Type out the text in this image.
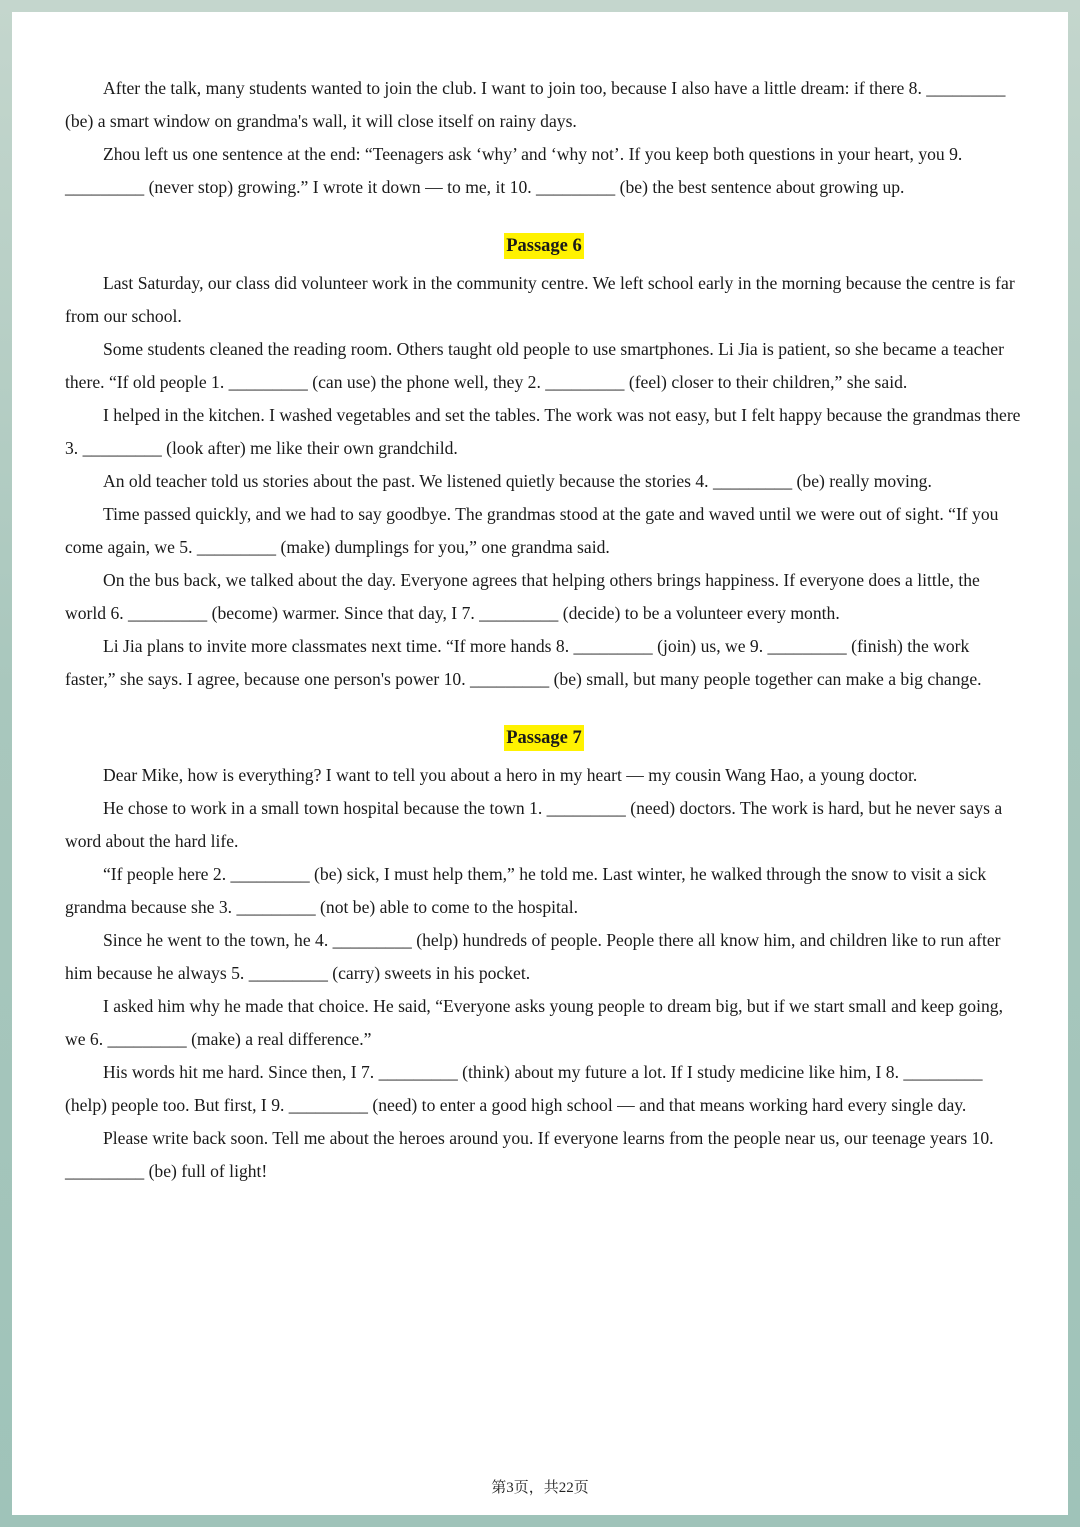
After the talk, many students wanted to join the club. I want to join too, because I also have a little dream: if there 8. _________ (be) a smart window on grandma's wall, it will close itself on rainy days.

Zhou left us one sentence at the end: “Teenagers ask ‘why’ and ‘why not’. If you keep both questions in your heart, you 9. _________ (never stop) growing.” I wrote it down — to me, it 10. _________ (be) the best sentence about growing up.

Passage 6

Last Saturday, our class did volunteer work in the community centre. We left school early in the morning because the centre is far from our school.

Some students cleaned the reading room. Others taught old people to use smartphones. Li Jia is patient, so she became a teacher there. “If old people 1. _________ (can use) the phone well, they 2. _________ (feel) closer to their children,” she said.

I helped in the kitchen. I washed vegetables and set the tables. The work was not easy, but I felt happy because the grandmas there 3. _________ (look after) me like their own grandchild.

An old teacher told us stories about the past. We listened quietly because the stories 4. _________ (be) really moving.

Time passed quickly, and we had to say goodbye. The grandmas stood at the gate and waved until we were out of sight. “If you come again, we 5. _________ (make) dumplings for you,” one grandma said.

On the bus back, we talked about the day. Everyone agrees that helping others brings happiness. If everyone does a little, the world 6. _________ (become) warmer. Since that day, I 7. _________ (decide) to be a volunteer every month.

Li Jia plans to invite more classmates next time. “If more hands 8. _________ (join) us, we 9. _________ (finish) the work faster,” she says. I agree, because one person's power 10. _________ (be) small, but many people together can make a big change.

Passage 7

Dear Mike, how is everything? I want to tell you about a hero in my heart — my cousin Wang Hao, a young doctor.

He chose to work in a small town hospital because the town 1. _________ (need) doctors. The work is hard, but he never says a word about the hard life.

“If people here 2. _________ (be) sick, I must help them,” he told me. Last winter, he walked through the snow to visit a sick grandma because she 3. _________ (not be) able to come to the hospital.

Since he went to the town, he 4. _________ (help) hundreds of people. People there all know him, and children like to run after him because he always 5. _________ (carry) sweets in his pocket.

I asked him why he made that choice. He said, “Everyone asks young people to dream big, but if we start small and keep going, we 6. _________ (make) a real difference.”

His words hit me hard. Since then, I 7. _________ (think) about my future a lot. If I study medicine like him, I 8. _________ (help) people too. But first, I 9. _________ (need) to enter a good high school — and that means working hard every single day.

Please write back soon. Tell me about the heroes around you. If everyone learns from the people near us, our teenage years 10. _________ (be) full of light!

第3页，共22页
